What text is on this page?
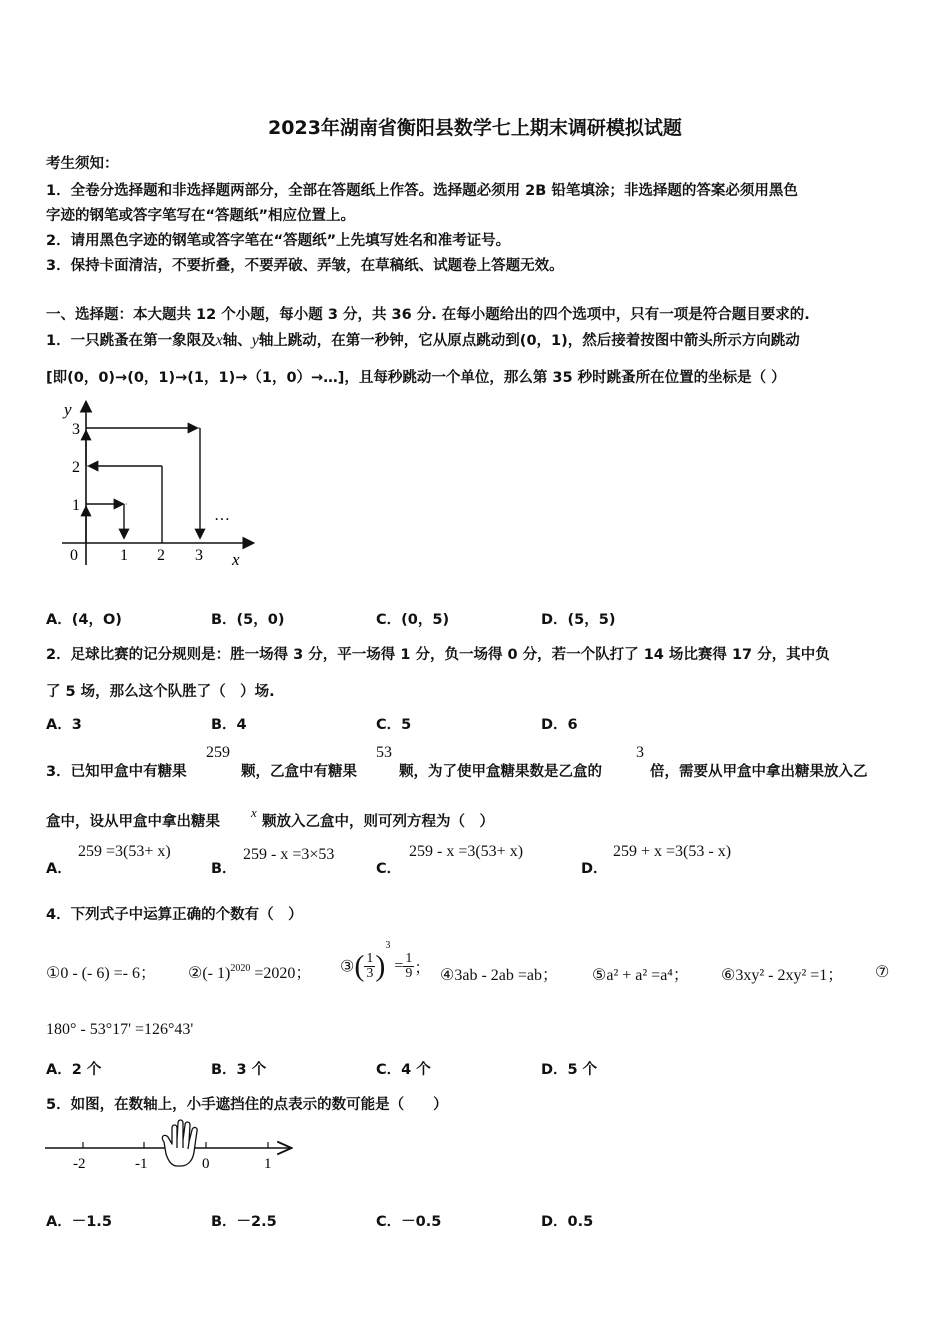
2023年湖南省衡阳县数学七上期末调研模拟试题
考生须知：
1．全卷分选择题和非选择题两部分，全部在答题纸上作答。选择题必须用 2B 铅笔填涂；非选择题的答案必须用黑色
字迹的钢笔或答字笔写在“答题纸”相应位置上。
2．请用黑色字迹的钢笔或答字笔在“答题纸”上先填写姓名和准考证号。
3．保持卡面清洁，不要折叠，不要弄破、弄皱，在草稿纸、试题卷上答题无效。
一、选择题：本大题共 12 个小题，每小题 3 分，共 36 分. 在每小题给出的四个选项中，只有一项是符合题目要求的.
1．一只跳蚤在第一象限及x轴、y轴上跳动，在第一秒钟，它从原点跳动到(0，1)，然后接着按图中箭头所示方向跳动
[即(0，0)→(0，1)→(1，1)→（1，0）→…]，且每秒跳动一个单位，那么第 35 秒时跳蚤所在位置的坐标是（ ）
y
x
0	1 2 3
1
2
3
…
A．(4，O)	B．(5，0)	C．(0，5)	D．(5，5)
2．足球比赛的记分规则是：胜一场得 3 分，平一场得 1 分，负一场得 0 分，若一个队打了 14 场比赛得 17 分，其中负
了 5 场，那么这个队胜了（　）场.
A．3	B．4	C．5	D．6
3．已知甲盒中有糖果
259
颗，乙盒中有糖果
53
颗，为了使甲盒糖果数是乙盒的
3
倍，需要从甲盒中拿出糖果放入乙
盒中，设从甲盒中拿出糖果
x
颗放入乙盒中，则可列方程为（　）
A．
259 =3(53+ x)
B．
259 - x =3×53
C．
259 - x =3(53+ x)
D．
259 + x =3(53 - x)
4．下列式子中运算正确的个数有（　）
①0 - (- 6) =- 6； ②(- 1)$^{2020}$ =2020； ③( $\frac{1}{3} )^3 = \frac{1}{9}$ ； ④3ab - 2ab =ab； ⑤a² + a² =a⁴； ⑥3xy² - 2xy² =1； ⑦
180° - 53°17' =126°43'
A．2 个	B．3 个	C．4 个	D．5 个
5．如图，在数轴上，小手遮挡住的点表示的数可能是（　　）
-2	-1	0	1
A．－1.5	B．－2.5	C．－0.5	D．0.5
